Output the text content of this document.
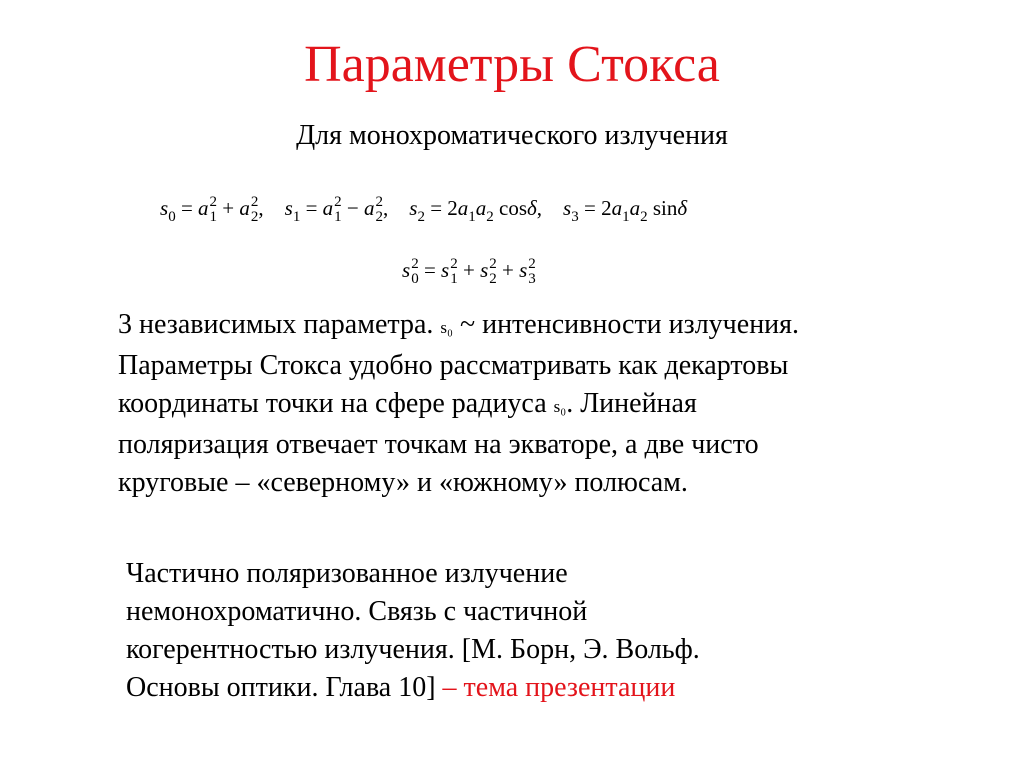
Параметры Стокса
Для монохроматического излучения
$s_0 = a$ 2
1 + a 2
2 ,    $s_1 = a$ 2
1 − a 2
2 ,    $s_2 = 2a_1a_2$ cosδ,    $s_3 = 2a_1a_2$ sinδ
s 2
0 = s 2
1 + s 2
2 + s 2
3

3 независимых параметра. s₀ ~ интенсивности излучения.

Параметры Стокса удобно рассматривать как декартовы

координаты точки на сфере радиуса s₀. Линейная

поляризация отвечает точкам на экваторе, а две чисто

круговые – «северному» и «южному» полюсам.

Частично поляризованное излучение

немонохроматично. Связь с частичной

когерентностью излучения. [М. Борн, Э. Вольф.

Основы оптики. Глава 10] – тема презентации
